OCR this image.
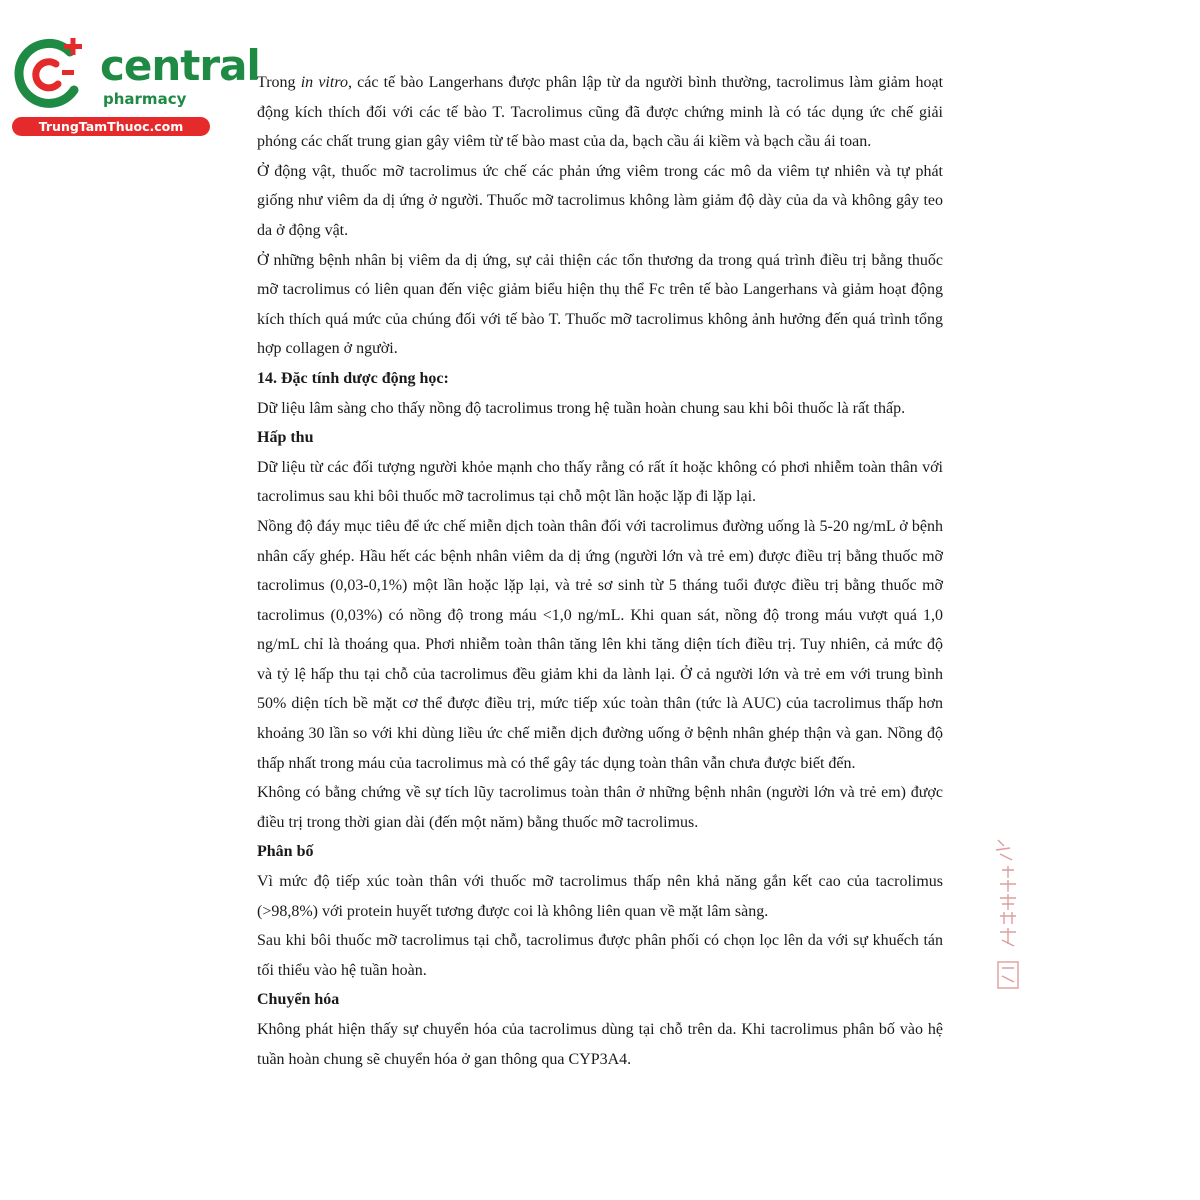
central
pharmacy
TrungTamThuoc.com

Trong in vitro, các tế bào Langerhans được phân lập từ da người bình thường, tacrolimus làm giảm hoạt động kích thích đối với các tế bào T. Tacrolimus cũng đã được chứng minh là có tác dụng ức chế giải phóng các chất trung gian gây viêm từ tế bào mast của da, bạch cầu ái kiềm và bạch cầu ái toan.

Ở động vật, thuốc mỡ tacrolimus ức chế các phản ứng viêm trong các mô da viêm tự nhiên và tự phát giống như viêm da dị ứng ở người. Thuốc mỡ tacrolimus không làm giảm độ dày của da và không gây teo da ở động vật.

Ở những bệnh nhân bị viêm da dị ứng, sự cải thiện các tổn thương da trong quá trình điều trị bằng thuốc mỡ tacrolimus có liên quan đến việc giảm biểu hiện thụ thể Fc trên tế bào Langerhans và giảm hoạt động kích thích quá mức của chúng đối với tế bào T. Thuốc mỡ tacrolimus không ảnh hưởng đến quá trình tổng hợp collagen ở người.

14. Đặc tính dược động học:

Dữ liệu lâm sàng cho thấy nồng độ tacrolimus trong hệ tuần hoàn chung sau khi bôi thuốc là rất thấp.

Hấp thu

Dữ liệu từ các đối tượng người khỏe mạnh cho thấy rằng có rất ít hoặc không có phơi nhiễm toàn thân với tacrolimus sau khi bôi thuốc mỡ tacrolimus tại chỗ một lần hoặc lặp đi lặp lại.

Nồng độ đáy mục tiêu để ức chế miễn dịch toàn thân đối với tacrolimus đường uống là 5-20 ng/mL ở bệnh nhân cấy ghép. Hầu hết các bệnh nhân viêm da dị ứng (người lớn và trẻ em) được điều trị bằng thuốc mỡ tacrolimus (0,03-0,1%) một lần hoặc lặp lại, và trẻ sơ sinh từ 5 tháng tuổi được điều trị bằng thuốc mỡ tacrolimus (0,03%) có nồng độ trong máu <1,0 ng/mL. Khi quan sát, nồng độ trong máu vượt quá 1,0 ng/mL chỉ là thoáng qua. Phơi nhiễm toàn thân tăng lên khi tăng diện tích điều trị. Tuy nhiên, cả mức độ và tỷ lệ hấp thu tại chỗ của tacrolimus đều giảm khi da lành lại. Ở cả người lớn và trẻ em với trung bình 50% diện tích bề mặt cơ thể được điều trị, mức tiếp xúc toàn thân (tức là AUC) của tacrolimus thấp hơn khoảng 30 lần so với khi dùng liều ức chế miễn dịch đường uống ở bệnh nhân ghép thận và gan. Nồng độ thấp nhất trong máu của tacrolimus mà có thể gây tác dụng toàn thân vẫn chưa được biết đến.

Không có bằng chứng về sự tích lũy tacrolimus toàn thân ở những bệnh nhân (người lớn và trẻ em) được điều trị trong thời gian dài (đến một năm) bằng thuốc mỡ tacrolimus.

Phân bố

Vì mức độ tiếp xúc toàn thân với thuốc mỡ tacrolimus thấp nên khả năng gắn kết cao của tacrolimus (>98,8%) với protein huyết tương được coi là không liên quan về mặt lâm sàng.

Sau khi bôi thuốc mỡ tacrolimus tại chỗ, tacrolimus được phân phối có chọn lọc lên da với sự khuếch tán tối thiểu vào hệ tuần hoàn.

Chuyển hóa

Không phát hiện thấy sự chuyển hóa của tacrolimus dùng tại chỗ trên da. Khi tacrolimus phân bố vào hệ tuần hoàn chung sẽ chuyển hóa ở gan thông qua CYP3A4.
